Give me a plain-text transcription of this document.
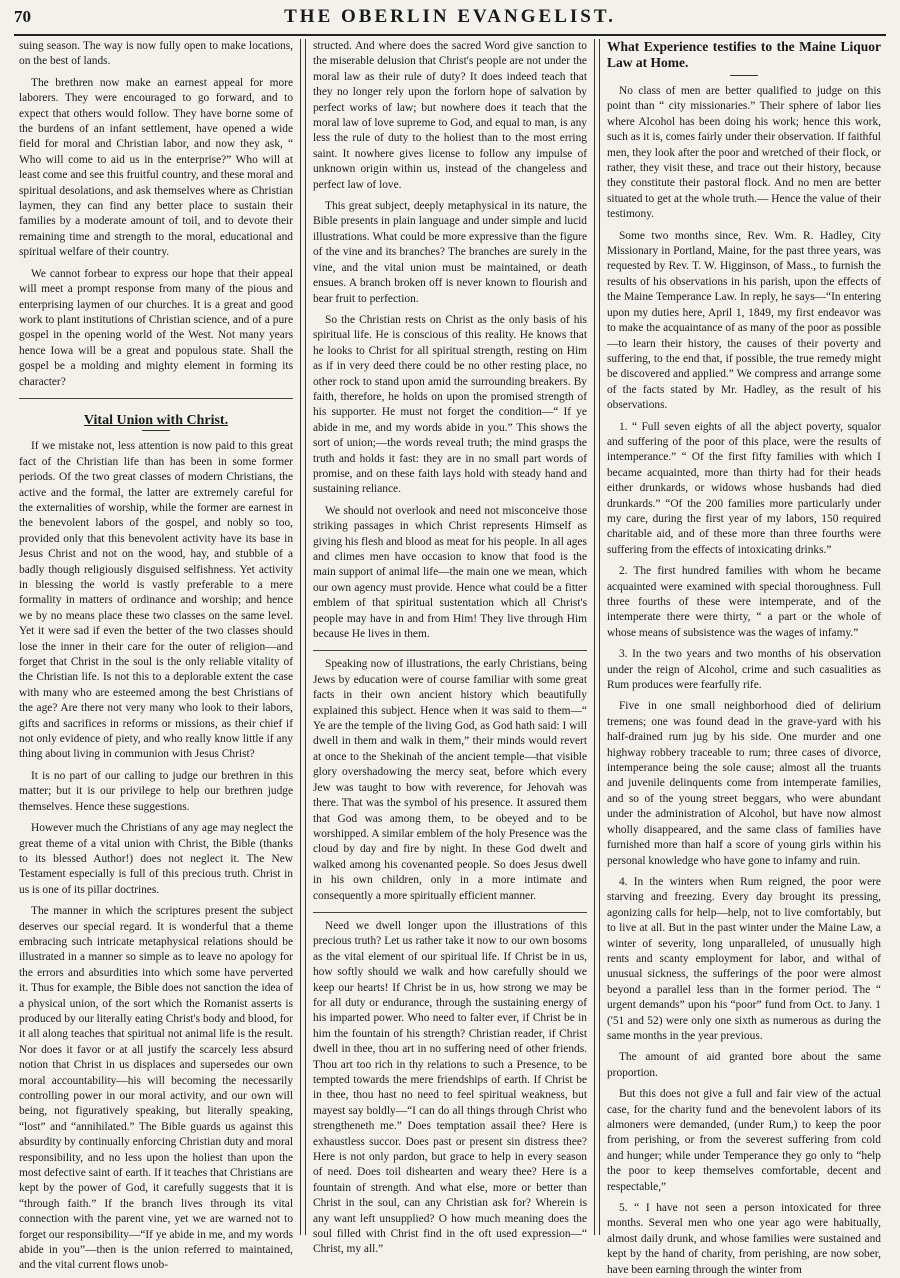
70	THE OBERLIN EVANGELIST.

suing season. The way is now fully open to make locations, on the best of lands.

The brethren now make an earnest appeal for more laborers. They were encouraged to go forward, and to expect that others would follow. They have borne some of the burdens of an infant settlement, have opened a wide field for moral and Christian labor, and now they ask, “ Who will come to aid us in the enterprise?” Who will at least come and see this fruitful country, and these moral and spiritual desolations, and ask themselves where as Christian laymen, they can find any better place to sustain their families by a moderate amount of toil, and to devote their remaining time and strength to the moral, educational and spiritual welfare of their country.

We cannot forbear to express our hope that their appeal will meet a prompt response from many of the pious and enterprising laymen of our churches. It is a great and good work to plant institutions of Christian science, and of a pure gospel in the opening world of the West. Not many years hence Iowa will be a great and populous state. Shall the gospel be a molding and mighty element in forming its character?

Vital Union with Christ.

If we mistake not, less attention is now paid to this great fact of the Christian life than has been in some former periods. Of the two great classes of modern Christians, the active and the formal, the latter are extremely careful for the externalities of worship, while the former are earnest in the benevolent labors of the gospel, and nobly so too, provided only that this benevolent activity have its base in Jesus Christ and not on the wood, hay, and stubble of a badly though religiously disguised selfishness. Yet activity in blessing the world is vastly preferable to a mere formality in matters of ordinance and worship; and hence we by no means place these two classes on the same level. Yet it were sad if even the better of the two classes should lose the inner in their care for the outer of religion—and forget that Christ in the soul is the only reliable vitality of the Christian life. Is not this to a deplorable extent the case with many who are esteemed among the best Christians of the age? Are there not very many who look to their labors, gifts and sacrifices in reforms or missions, as their chief if not only evidence of piety, and who really know little if any thing about living in communion with Jesus Christ?

It is no part of our calling to judge our brethren in this matter; but it is our privilege to help our brethren judge themselves. Hence these suggestions.

However much the Christians of any age may neglect the great theme of a vital union with Christ, the Bible (thanks to its blessed Author!) does not neglect it. The New Testament especially is full of this precious truth. Christ in us is one of its pillar doctrines.

The manner in which the scriptures present the subject deserves our special regard. It is wonderful that a theme embracing such intricate metaphysical relations should be illustrated in a manner so simple as to leave no apology for the errors and absurdities into which some have perverted it. Thus for example, the Bible does not sanction the idea of a physical union, of the sort which the Romanist asserts is produced by our literally eating Christ's body and blood, for it all along teaches that spiritual not animal life is the result. Nor does it favor or at all justify the scarcely less absurd notion that Christ in us displaces and supersedes our own moral accountability—his will becoming the necessarily controlling power in our moral activity, and our own will being, not figuratively speaking, but literally speaking, “lost” and “annihilated.” The Bible guards us against this absurdity by continually enforcing Christian duty and moral responsibility, and no less upon the holiest than upon the most defective saint of earth. If it teaches that Christians are kept by the power of God, it carefully suggests that it is “through faith.” If the branch lives through its vital connection with the parent vine, yet we are warned not to forget our responsibility—“If ye abide in me, and my words abide in you”—then is the union referred to maintained, and the vital current flows unob-

structed. And where does the sacred Word give sanction to the miserable delusion that Christ's people are not under the moral law as their rule of duty? It does indeed teach that they no longer rely upon the forlorn hope of salvation by perfect works of law; but nowhere does it teach that the moral law of love supreme to God, and equal to man, is any less the rule of duty to the holiest than to the most erring saint. It nowhere gives license to follow any impulse of unknown origin within us, instead of the changeless and perfect law of love.

This great subject, deeply metaphysical in its nature, the Bible presents in plain language and under simple and lucid illustrations. What could be more expressive than the figure of the vine and its branches? The branches are surely in the vine, and the vital union must be maintained, or death ensues. A branch broken off is never known to flourish and bear fruit to perfection.

So the Christian rests on Christ as the only basis of his spiritual life. He is conscious of this reality. He knows that he looks to Christ for all spiritual strength, resting on Him as if in very deed there could be no other resting place, no other rock to stand upon amid the surrounding breakers. By faith, therefore, he holds on upon the promised strength of his supporter. He must not forget the condition—“ If ye abide in me, and my words abide in you.” This shows the sort of union;—the words reveal truth; the mind grasps the truth and holds it fast: they are in no small part words of promise, and on these faith lays hold with steady hand and sustaining reliance.

We should not overlook and need not misconceive those striking passages in which Christ represents Himself as giving his flesh and blood as meat for his people. In all ages and climes men have occasion to know that food is the main support of animal life—the main one we mean, which our own agency must provide. Hence what could be a fitter emblem of that spiritual sustentation which all Christ's people may have in and from Him! They live through Him because He lives in them.

Speaking now of illustrations, the early Christians, being Jews by education were of course familiar with some great facts in their own ancient history which beautifully explained this subject. Hence when it was said to them—“ Ye are the temple of the living God, as God hath said: I will dwell in them and walk in them,” their minds would revert at once to the Shekinah of the ancient temple—that visible glory overshadowing the mercy seat, before which every Jew was taught to bow with reverence, for Jehovah was there. That was the symbol of his presence. It assured them that God was among them, to be obeyed and to be worshipped. A similar emblem of the holy Presence was the cloud by day and fire by night. In these God dwelt and walked among his covenanted people. So does Jesus dwell in his own children, only in a more intimate and consequently a more spiritually efficient manner.

Need we dwell longer upon the illustrations of this precious truth? Let us rather take it now to our own bosoms as the vital element of our spiritual life. If Christ be in us, how softly should we walk and how carefully should we keep our hearts! If Christ be in us, how strong we may be for all duty or endurance, through the sustaining energy of his imparted power. Who need to falter ever, if Christ be in him the fountain of his strength? Christian reader, if Christ dwell in thee, thou art in no suffering need of other friends. Thou art too rich in thy relations to such a Presence, to be tempted towards the mere friendships of earth. If Christ be in thee, thou hast no need to feel spiritual weakness, but mayest say boldly—“I can do all things through Christ who strengtheneth me.” Does temptation assail thee? Here is exhaustless succor. Does past or present sin distress thee? Here is not only pardon, but grace to help in every season of need. Does toil dishearten and weary thee? Here is a fountain of strength. And what else, more or better than Christ in the soul, can any Christian ask for? Wherein is any want left unsupplied? O how much meaning does the soul filled with Christ find in the oft used expression—“ Christ, my all.”

What Experience testifies to the Maine Liquor Law at Home.

No class of men are better qualified to judge on this point than “ city missionaries.” Their sphere of labor lies where Alcohol has been doing his work; hence this work, such as it is, comes fairly under their observation. If faithful men, they look after the poor and wretched of their flock, or rather, they visit these, and trace out their history, because they constitute their pastoral flock. And no men are better situated to get at the whole truth.— Hence the value of their testimony.

Some two months since, Rev. Wm. R. Hadley, City Missionary in Portland, Maine, for the past three years, was requested by Rev. T. W. Higginson, of Mass., to furnish the results of his observations in his parish, upon the effects of the Maine Temperance Law. In reply, he says—“In entering upon my duties here, April 1, 1849, my first endeavor was to make the acquaintance of as many of the poor as possible—to learn their history, the causes of their poverty and suffering, to the end that, if possible, the true remedy might be discovered and applied.” We compress and arrange some of the facts stated by Mr. Hadley, as the result of his observations.

1. “ Full seven eights of all the abject poverty, squalor and suffering of the poor of this place, were the results of intemperance.” “ Of the first fifty families with which I became acquainted, more than thirty had for their heads either drunkards, or widows whose husbands had died drunkards.” “Of the 200 families more particularly under my care, during the first year of my labors, 150 required charitable aid, and of these more than three fourths were suffering from the effects of intoxicating drinks.”

2. The first hundred families with whom he became acquainted were examined with special thoroughness. Full three fourths of these were intemperate, and of the intemperate there were thirty, “ a part or the whole of whose means of subsistence was the wages of infamy.”

3. In the two years and two months of his observation under the reign of Alcohol, crime and such casualities as Rum produces were fearfully rife.

Five in one small neighborhood died of delirium tremens; one was found dead in the grave-yard with his half-drained rum jug by his side. One murder and one highway robbery traceable to rum; three cases of divorce, intemperance being the sole cause; almost all the truants and juvenile delinquents come from intemperate families, and so of the young street beggars, who were abundant under the administration of Alcohol, but have now almost wholly disappeared, and the same class of families have furnished more than half a score of young girls within his personal knowledge who have gone to infamy and ruin.

4. In the winters when Rum reigned, the poor were starving and freezing. Every day brought its pressing, agonizing calls for help—help, not to live comfortably, but to live at all. But in the past winter under the Maine Law, a winter of severity, long unparalleled, of unusually high rents and scanty employment for labor, and withal of unusual sickness, the sufferings of the poor were almost beyond a parallel less than in the former period. The “ urgent demands” upon his “poor” fund from Oct. to Jany. 1 ('51 and 52) were only one sixth as numerous as during the same months in the year previous.

The amount of aid granted bore about the same proportion.

But this does not give a full and fair view of the actual case, for the charity fund and the benevolent labors of its almoners were demanded, (under Rum,) to keep the poor from perishing, or from the severest suffering from cold and hunger; while under Temperance they go only to “help the poor to keep themselves comfortable, decent and respectable,”

5. “ I have not seen a person intoxicated for three months. Several men who one year ago were habitually, almost daily drunk, and whose families were sustained and kept by the hand of charity, from perishing, are now sober, have been earning through the winter from
